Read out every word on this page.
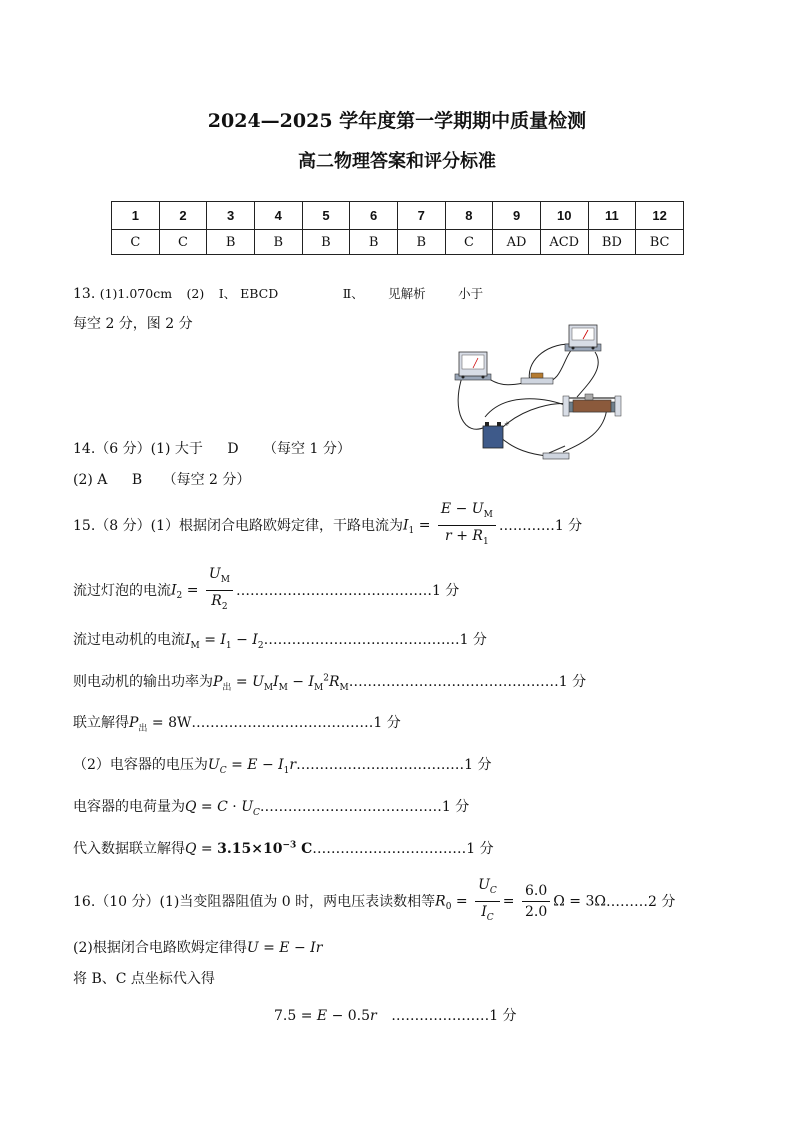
2024—2025 学年度第一学期期中质量检测
高二物理答案和评分标准
1	2	3	4	5	6	7	8	9	10	11	12
C	C	B	B	B	B	B	C	AD	ACD	BD	BC
13. (1)1.070cm (2) Ⅰ、 EBCD	Ⅱ、 见解析	小于
每空 2 分，图 2 分
+
14.（6 分）(1) 大于 D （每空 1 分）
(2) A B （每空 2 分）
15.（8 分）(1）根据闭合电路欧姆定律，干路电流为 $I_1 = \frac{E - U_M}{r + R_1}$ …………1 分
流过灯泡的电流 $I_2 = \frac{U_M}{R_2}$ ……………………………………1 分
流过电动机的电流$I_M = I_1$ − $I_2\dots\dots\dots\dots\dots\dots\dots\dots\dots\dots\dots\dots\dots\dots 1$ 分
则电动机的输出功率为$P_出 = U_MI_M$ − $I_M^2R_M\dots\dots\dots\dots\dots\dots\dots\dots\dots\dots\dots\dots\dots\dots\dots 1$ 分
联立解得$P_出$ = 8W…………………………………1 分
（2）电容器的电压为$U_C = E$ − $I_1r\dots\dots\dots\dots\dots\dots\dots\dots\dots\dots\dots\dots 1$ 分
电容器的电荷量为$Q = C \cdot U_C\dots\dots\dots\dots\dots\dots\dots\dots\dots\dots\dots\dots\dots 1$ 分
代入数据联立解得$Q = 3.15\times 10^{-3}$ C……………………………1 分
16.（10 分）(1)当变阻器阻值为 0 时，两电压表读数相等 $R_0 = \frac{U_C}{I_C} = \frac{6.0}{2.0}$ Ω = 3Ω ………2 分
(2)根据闭合电路欧姆定律得U = E − Ir
将 B、C 点坐标代入得
7.5 = E − 0.5r …………………1 分
